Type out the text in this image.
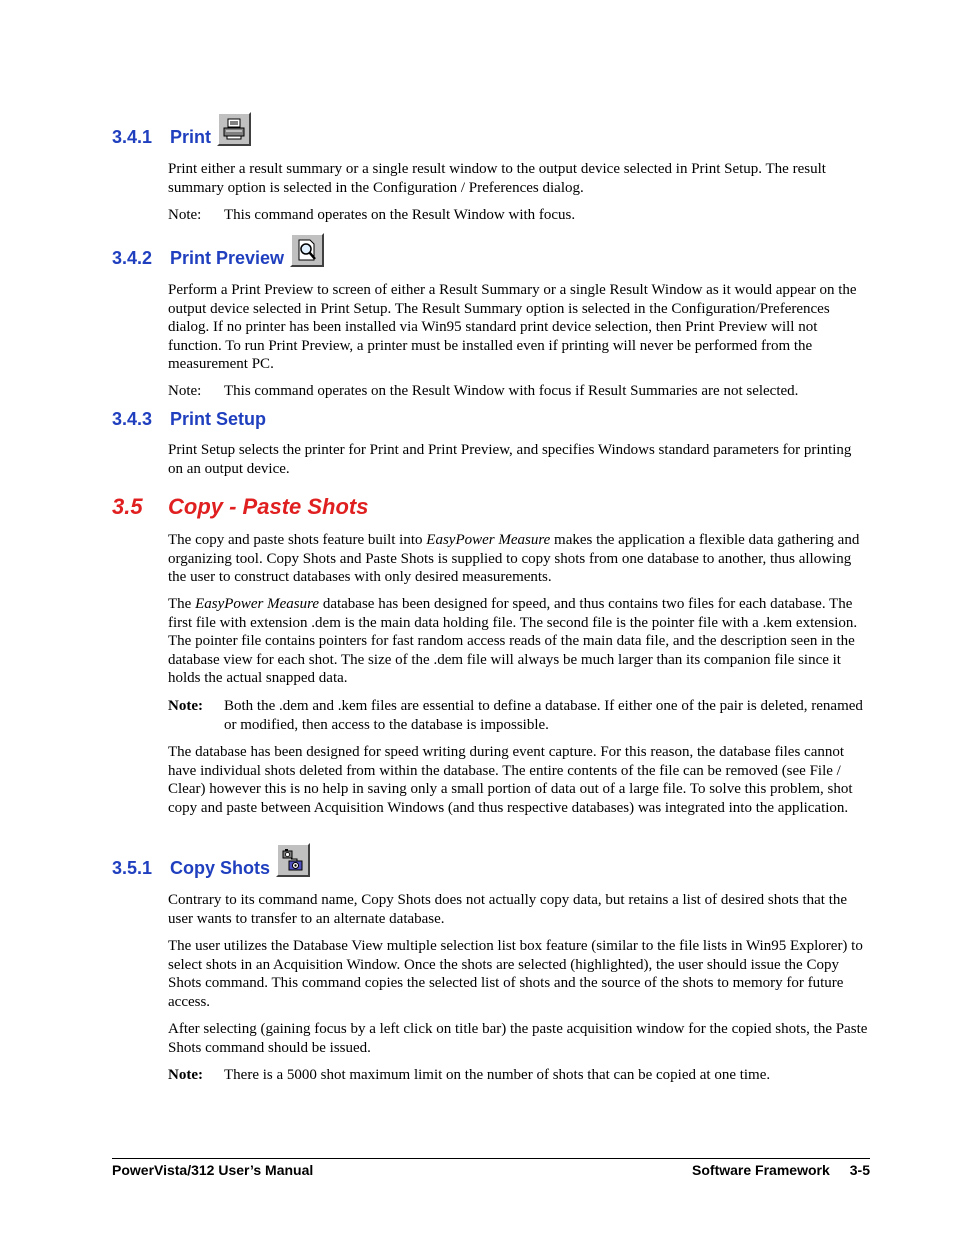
3.4.1 Print

Print either a result summary or a single result window to the output device selected in Print Setup. The result summary option is selected in the Configuration / Preferences dialog.

Note:	This command operates on the Result Window with focus.
3.4.2 Print Preview

Perform a Print Preview to screen of either a Result Summary or a single Result Window as it would appear on the output device selected in Print Setup. The Result Summary option is selected in the Configuration/Preferences dialog. If no printer has been installed via Win95 standard print device selection, then Print Preview will not function. To run Print Preview, a printer must be installed even if printing will never be performed from the measurement PC.

Note:	This command operates on the Result Window with focus if Result Summaries are not selected.
3.4.3 Print Setup

Print Setup selects the printer for Print and Print Preview, and specifies Windows standard parameters for printing on an output device.

3.5 Copy - Paste Shots

The copy and paste shots feature built into EasyPower Measure makes the application a flexible data gathering and organizing tool. Copy Shots and Paste Shots is supplied to copy shots from one database to another, thus allowing the user to construct databases with only desired measurements.

The EasyPower Measure database has been designed for speed, and thus contains two files for each database. The first file with extension .dem is the main data holding file. The second file is the pointer file with a .kem extension. The pointer file contains pointers for fast random access reads of the main data file, and the description seen in the database view for each shot. The size of the .dem file will always be much larger than its companion file since it holds the actual snapped data.

Note:	Both the .dem and .kem files are essential to define a database. If either one of the pair is deleted, renamed or modified, then access to the database is impossible.

The database has been designed for speed writing during event capture. For this reason, the database files cannot have individual shots deleted from within the database. The entire contents of the file can be removed (see File / Clear) however this is no help in saving only a small portion of data out of a large file. To solve this problem, shot copy and paste between Acquisition Windows (and thus respective databases) was integrated into the application.

3.5.1 Copy Shots

Contrary to its command name, Copy Shots does not actually copy data, but retains a list of desired shots that the user wants to transfer to an alternate database.

The user utilizes the Database View multiple selection list box feature (similar to the file lists in Win95 Explorer) to select shots in an Acquisition Window. Once the shots are selected (highlighted), the user should issue the Copy Shots command. This command copies the selected list of shots and the source of the shots to memory for future access.

After selecting (gaining focus by a left click on title bar) the paste acquisition window for the copied shots, the Paste Shots command should be issued.

Note:	There is a 5000 shot maximum limit on the number of shots that can be copied at one time.
PowerVista/312 User’s Manual	Software Framework 3-5
